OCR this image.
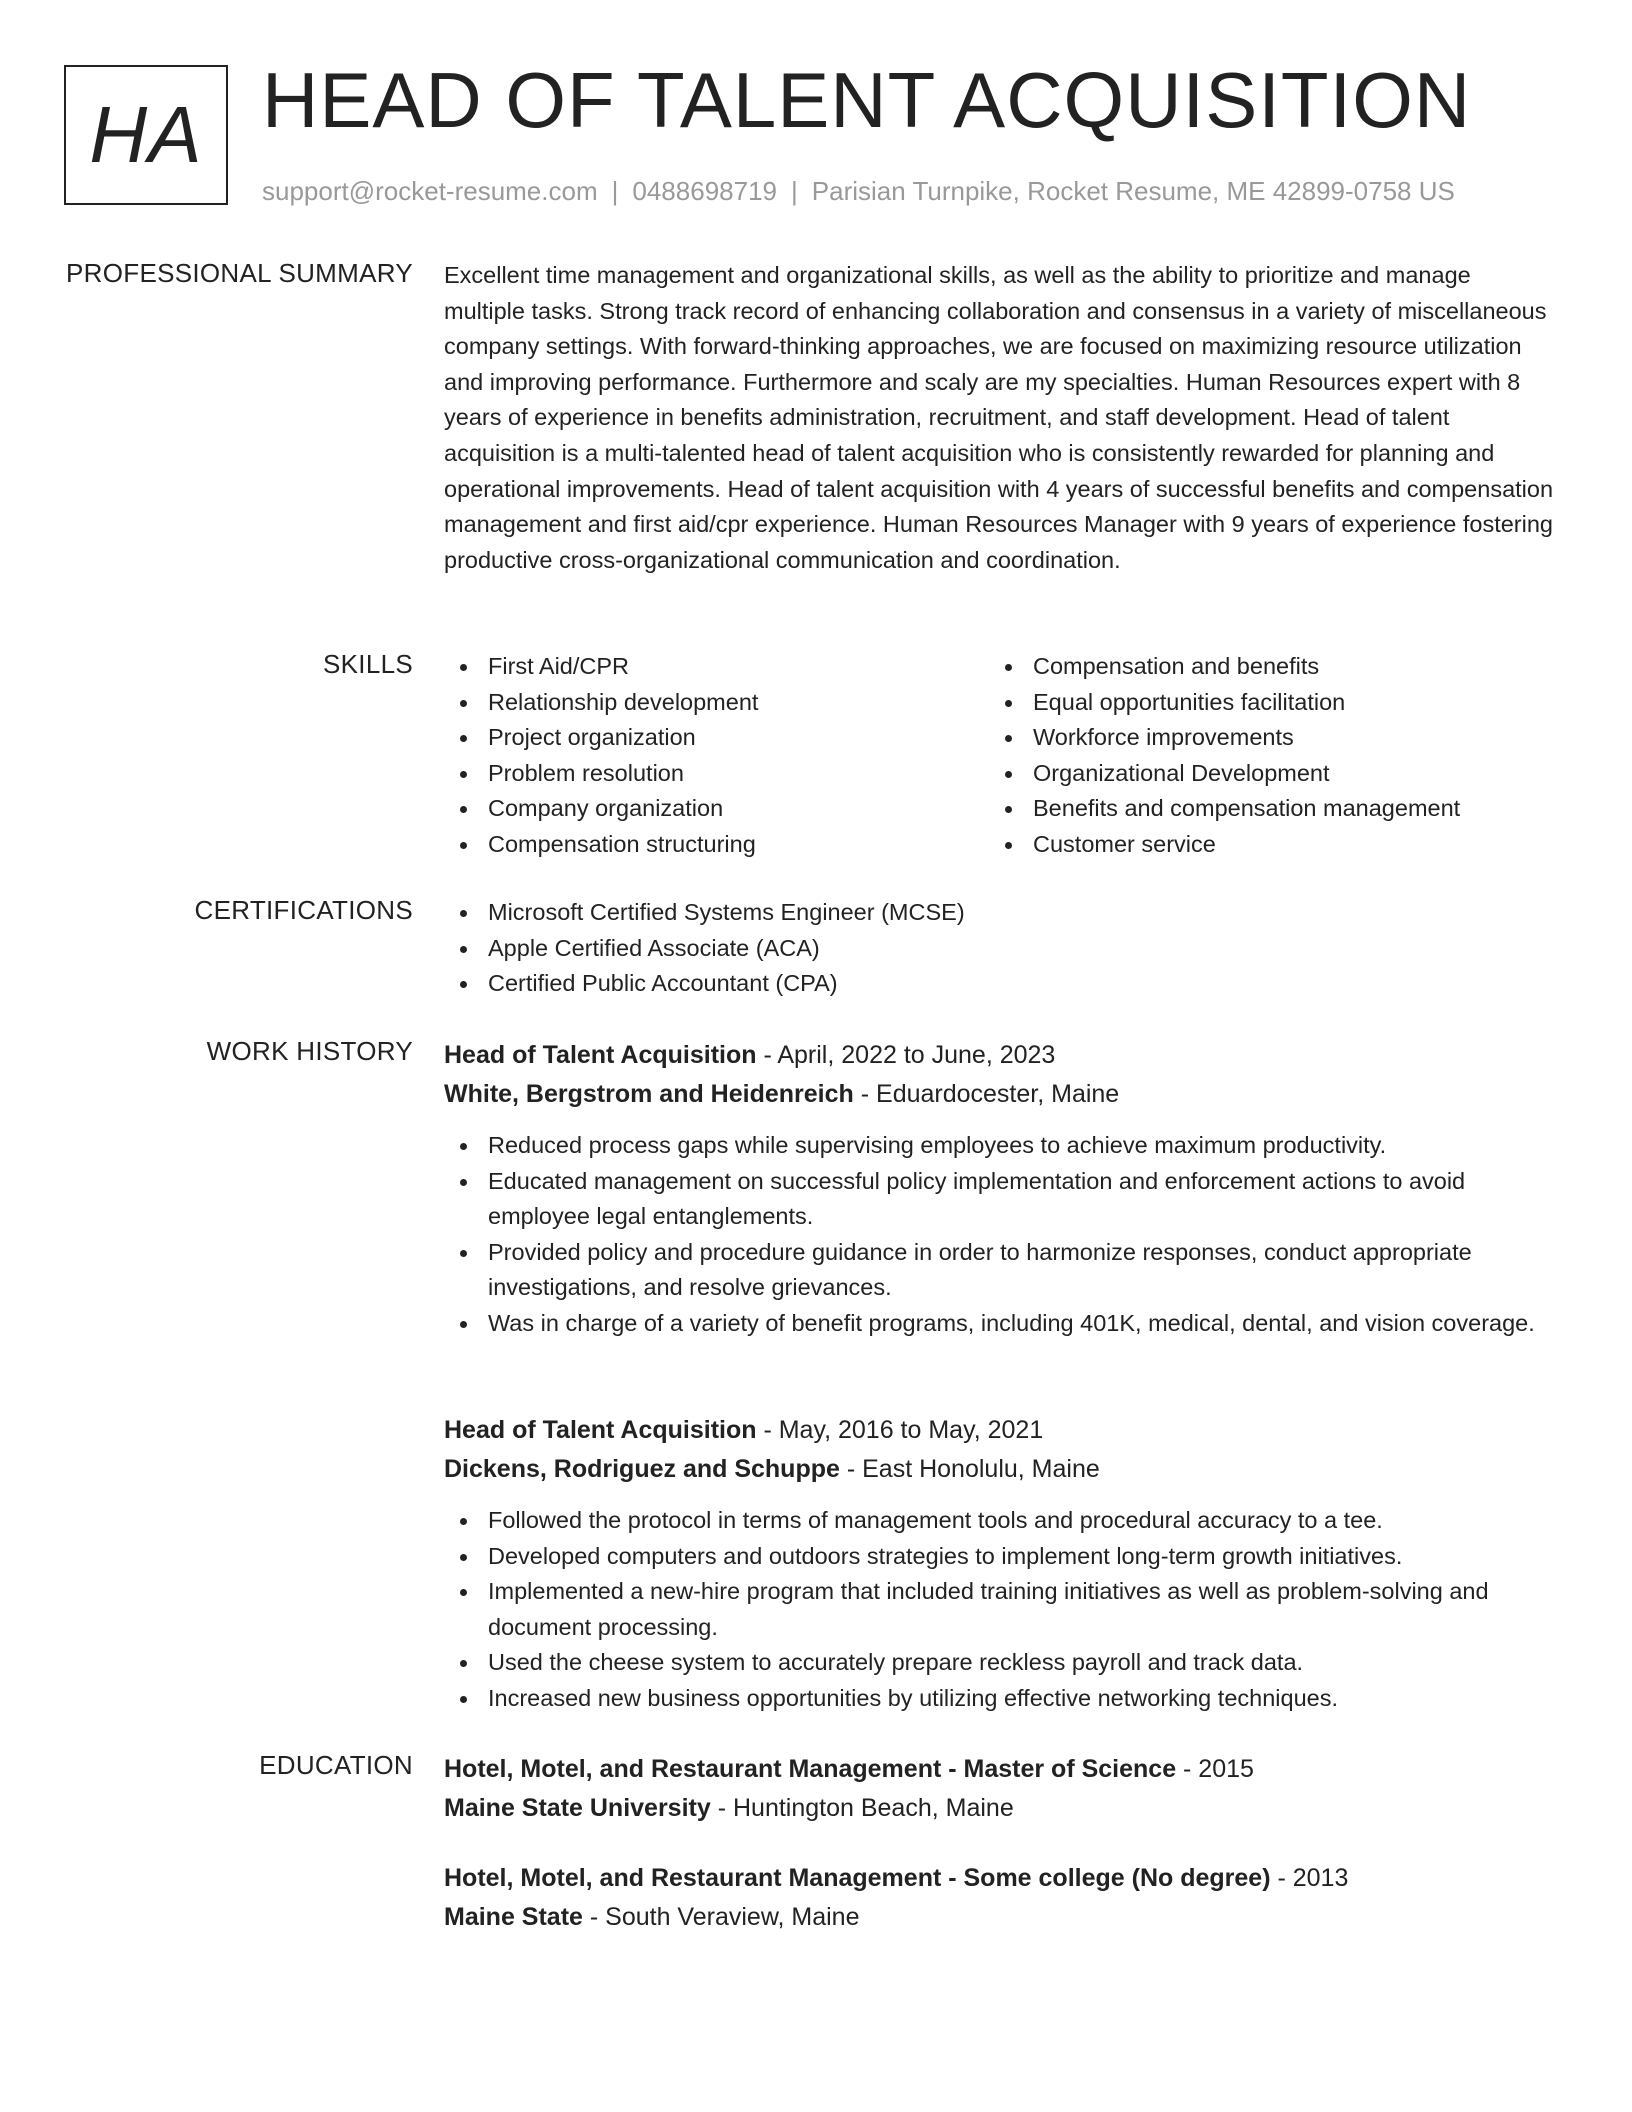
HA HEAD OF TALENT ACQUISITION
support@rocket-resume.com | 0488698719 | Parisian Turnpike, Rocket Resume, ME 42899-0758 US
PROFESSIONAL SUMMARY Excellent time management and organizational skills, as well as the ability to prioritize and manage multiple tasks. Strong track record of enhancing collaboration and consensus in a variety of miscellaneous company settings. With forward-thinking approaches, we are focused on maximizing resource utilization and improving performance. Furthermore and scaly are my specialties. Human Resources expert with 8 years of experience in benefits administration, recruitment, and staff development. Head of talent acquisition is a multi-talented head of talent acquisition who is consistently rewarded for planning and operational improvements. Head of talent acquisition with 4 years of successful benefits and compensation management and first aid/cpr experience. Human Resources Manager with 9 years of experience fostering productive cross-organizational communication and coordination.
SKILLS	First Aid/CPR
Relationship development
Project organization
Problem resolution
Company organization
Compensation structuring
Compensation and benefits
Equal opportunities facilitation
Workforce improvements
Organizational Development
Benefits and compensation management
Customer service
CERTIFICATIONS	Microsoft Certified Systems Engineer (MCSE)
Apple Certified Associate (ACA)
Certified Public Accountant (CPA)
WORK HISTORY Head of Talent Acquisition - April, 2022 to June, 2023
White, Bergstrom and Heidenreich - Eduardocester, Maine
Reduced process gaps while supervising employees to achieve maximum productivity.
Educated management on successful policy implementation and enforcement actions to avoid employee legal entanglements.
Provided policy and procedure guidance in order to harmonize responses, conduct appropriate investigations, and resolve grievances.
Was in charge of a variety of benefit programs, including 401K, medical, dental, and vision coverage.
Head of Talent Acquisition - May, 2016 to May, 2021
Dickens, Rodriguez and Schuppe - East Honolulu, Maine
Followed the protocol in terms of management tools and procedural accuracy to a tee.
Developed computers and outdoors strategies to implement long-term growth initiatives.
Implemented a new-hire program that included training initiatives as well as problem-solving and document processing.
Used the cheese system to accurately prepare reckless payroll and track data.
Increased new business opportunities by utilizing effective networking techniques.
EDUCATION Hotel, Motel, and Restaurant Management - Master of Science - 2015
Maine State University - Huntington Beach, Maine
Hotel, Motel, and Restaurant Management - Some college (No degree) - 2013
Maine State - South Veraview, Maine
